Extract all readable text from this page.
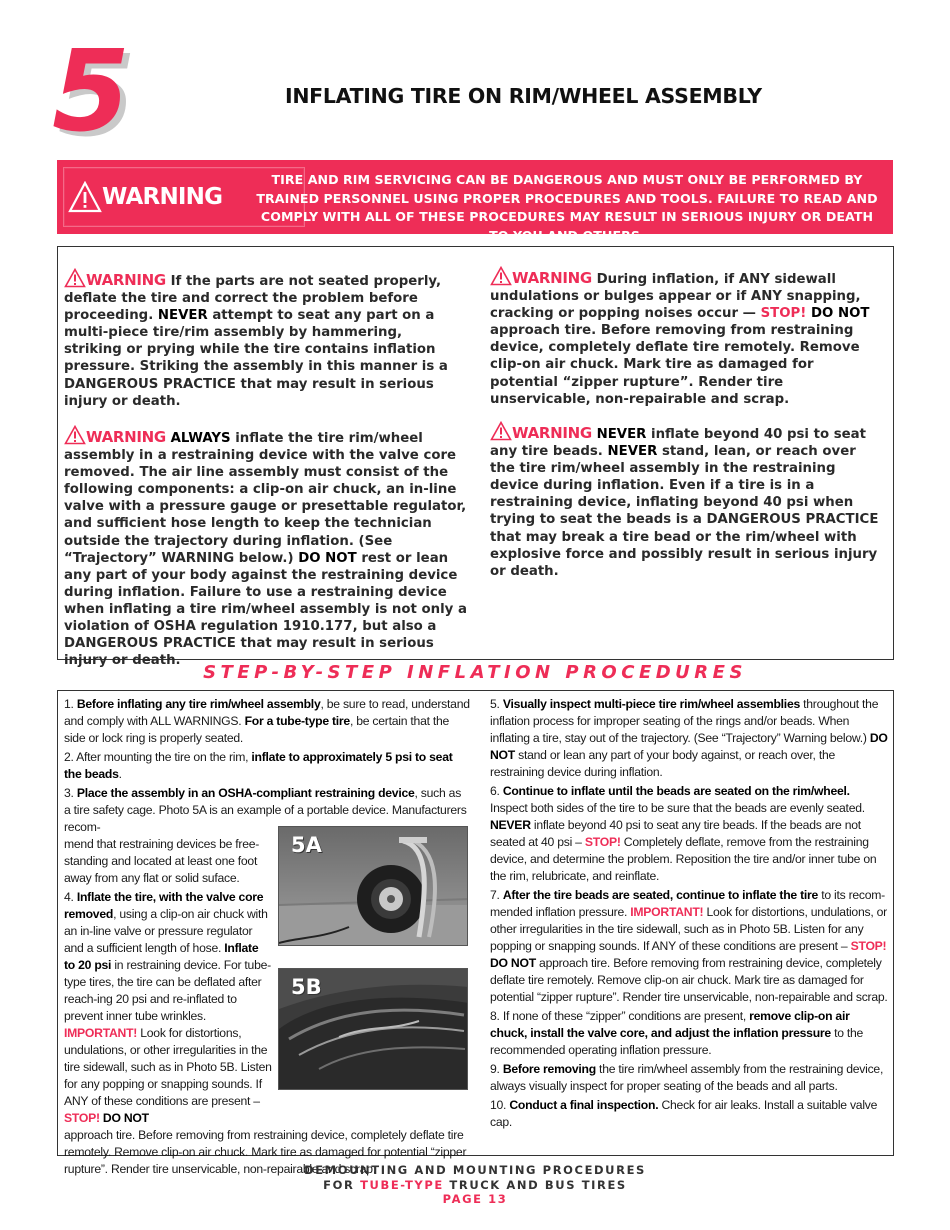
5	INFLATING TIRE ON RIM/WHEEL ASSEMBLY
WARNING
TIRE AND RIM SERVICING CAN BE DANGEROUS AND MUST ONLY BE PERFORMED BY TRAINED PERSONNEL USING PROPER PROCEDURES AND TOOLS. FAILURE TO READ AND COMPLY WITH ALL OF THESE PROCEDURES MAY RESULT IN SERIOUS INJURY OR DEATH TO YOU AND OTHERS.
WARNING If the parts are not seated properly, deflate the tire and correct the problem before proceeding. NEVER attempt to seat any part on a multi-piece tire/rim assembly by hammering, striking or prying while the tire contains inflation pressure. Striking the assembly in this manner is a DANGEROUS PRACTICE that may result in serious injury or death.
WARNING During inflation, if ANY sidewall undulations or bulges appear or if ANY snapping, cracking or popping noises occur — STOP! DO NOT approach tire. Before removing from restraining device, completely deflate tire remotely. Remove clip-on air chuck. Mark tire as damaged for potential “zipper rupture”. Render tire unservicable, non-repairable and scrap.
WARNING ALWAYS inflate the tire rim/wheel assembly in a restraining device with the valve core removed. The air line assembly must consist of the following components: a clip-on air chuck, an in-line valve with a pressure gauge or presettable regulator, and sufficient hose length to keep the technician outside the trajectory during inflation. (See “Trajectory” WARNING below.) DO NOT rest or lean any part of your body against the restraining device during inflation. Failure to use a restraining device when inflating a tire rim/wheel assembly is not only a violation of OSHA regulation 1910.177, but also a DANGEROUS PRACTICE that may result in serious injury or death.
WARNING NEVER inflate beyond 40 psi to seat any tire beads. NEVER stand, lean, or reach over the tire rim/wheel assembly in the restraining device during inflation. Even if a tire is in a restraining device, inflating beyond 40 psi when trying to seat the beads is a DANGEROUS PRACTICE that may break a tire bead or the rim/wheel with explosive force and possibly result in serious injury or death.
STEP-BY-STEP INFLATION PROCEDURES
5A
5B

1. Before inflating any tire rim/wheel assembly, be sure to read, understand and comply with ALL WARNINGS. For a tube-type tire, be certain that the side or lock ring is properly seated.

2. After mounting the tire on the rim, inflate to approximately 5 psi to seat the beads.

3. Place the assembly in an OSHA-compliant restraining device, such as a tire safety cage. Photo 5A is an example of a portable device. Manufacturers recom-

mend that restraining devices be free-standing and located at least one foot away from any flat or solid suface.

4. Inflate the tire, with the valve core removed, using a clip-on air chuck with an in-line valve or pressure regulator and a sufficient length of hose. Inflate to 20 psi in restraining device. For tube-type tires, the tire can be deflated after reach-ing 20 psi and re-inflated to prevent inner tube wrinkles. IMPORTANT! Look for distortions, undulations, or other irregularities in the tire sidewall, such as in Photo 5B. Listen for any popping or snapping sounds. If ANY of these conditions are present – STOP! DO NOT

approach tire. Before removing from restraining device, completely deflate tire remotely. Remove clip-on air chuck. Mark tire as damaged for potential “zipper rupture”. Render tire unservicable, non-repairable and scrap.

5. Visually inspect multi-piece tire rim/wheel assemblies throughout the inflation process for improper seating of the rings and/or beads. When inflating a tire, stay out of the trajectory. (See “Trajectory” Warning below.) DO NOT stand or lean any part of your body against, or reach over, the restraining device during inflation.

6. Continue to inflate until the beads are seated on the rim/wheel. Inspect both sides of the tire to be sure that the beads are evenly seated. NEVER inflate beyond 40 psi to seat any tire beads. If the beads are not seated at 40 psi – STOP! Completely deflate, remove from the restraining device, and determine the problem. Reposition the tire and/or inner tube on the rim, relubricate, and reinflate.

7. After the tire beads are seated, continue to inflate the tire to its recom-mended inflation pressure. IMPORTANT! Look for distortions, undulations, or other irregularities in the tire sidewall, such as in Photo 5B. Listen for any popping or snapping sounds. If ANY of these conditions are present – STOP! DO NOT approach tire. Before removing from restraining device, completely deflate tire remotely. Remove clip-on air chuck. Mark tire as damaged for potential “zipper rupture”. Render tire unservicable, non-repairable and scrap.

8. If none of these “zipper” conditions are present, remove clip-on air chuck, install the valve core, and adjust the inflation pressure to the recommended operating inflation pressure.

9. Before removing the tire rim/wheel assembly from the restraining device, always visually inspect for proper seating of the beads and all parts.

10. Conduct a final inspection. Check for air leaks. Install a suitable valve cap.

DEMOUNTING AND MOUNTING PROCEDURES
FOR TUBE-TYPE TRUCK AND BUS TIRES
PAGE 13
